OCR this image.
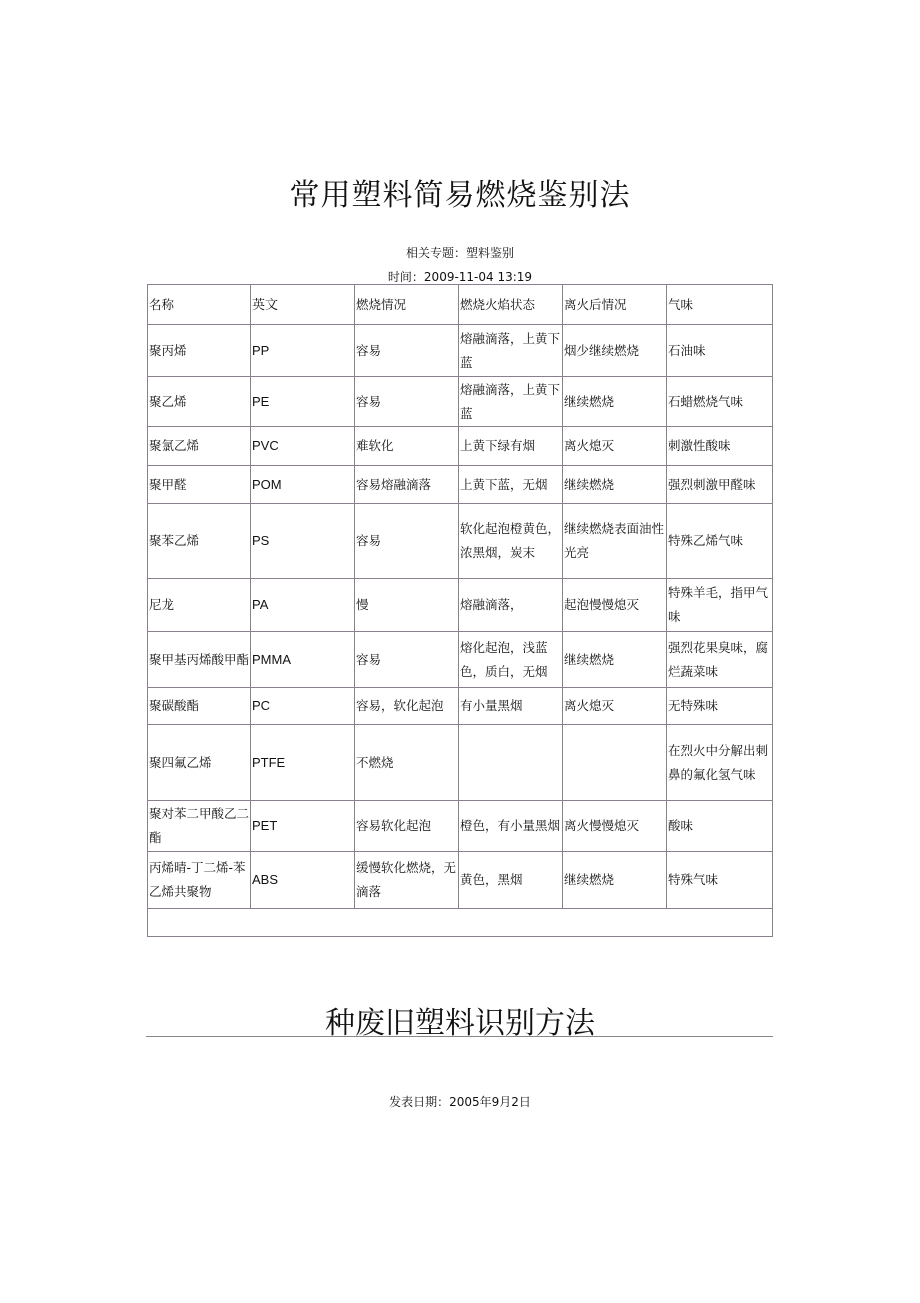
常用塑料简易燃烧鉴别法
相关专题：塑料鉴别
时间：2009-11-04 13:19
名称	英文	燃烧情况	燃烧火焰状态	离火后情况	气味
聚丙烯	PP	容易	熔融滴落，上黄下蓝	烟少继续燃烧	石油味
聚乙烯	PE	容易	熔融滴落，上黄下蓝	继续燃烧	石蜡燃烧气味
聚氯乙烯	PVC	难软化	上黄下绿有烟	离火熄灭	刺激性酸味
聚甲醛	POM	容易熔融滴落	上黄下蓝，无烟	继续燃烧	强烈刺激甲醛味
聚苯乙烯	PS	容易	软化起泡橙黄色，浓黑烟，炭末	继续燃烧表面油性光亮	特殊乙烯气味
尼龙	PA	慢	熔融滴落，	起泡慢慢熄灭	特殊羊毛，指甲气味
聚甲基丙烯酸甲酯	PMMA	容易	熔化起泡，浅蓝色，质白，无烟	继续燃烧	强烈花果臭味，腐烂蔬菜味
聚碳酸酯	PC	容易，软化起泡	有小量黑烟	离火熄灭	无特殊味
聚四氟乙烯	PTFE	不燃烧			在烈火中分解出刺鼻的氟化氢气味
聚对苯二甲酸乙二酯	PET	容易软化起泡	橙色，有小量黑烟	离火慢慢熄灭	酸味
丙烯晴-丁二烯-苯乙烯共聚物	ABS	缓慢软化燃烧，无滴落	黄色，黑烟	继续燃烧	特殊气味

种废旧塑料识别方法
发表日期：2005年9月2日
